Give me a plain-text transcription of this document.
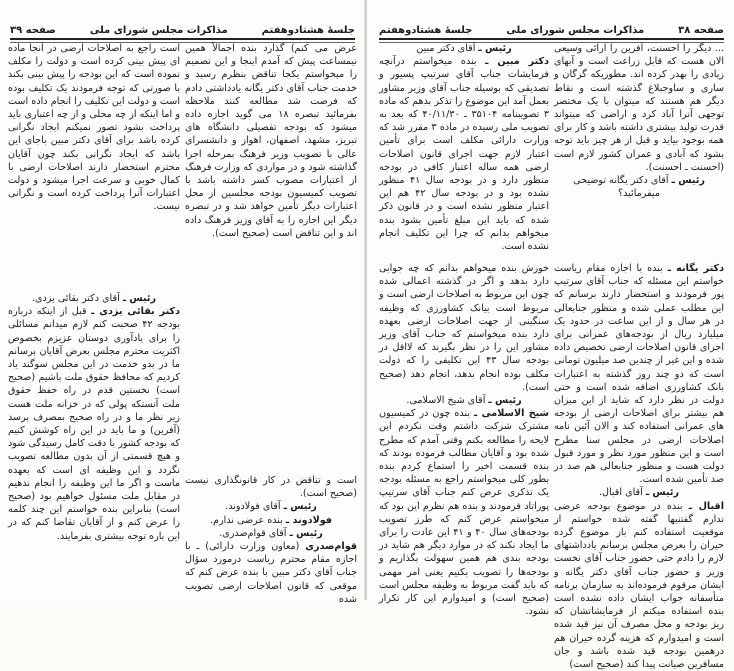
جلسهٔ هشتادوهفتم
مذاکرات مجلس شورای ملی
صفحه ۳۹

عرض می کنم) گذارد بنده اجمالاً همین نیمساعت پیش که آمدم اینجا و این تصمیم را میخواستم یکجا تناقض بنظرم رسید و خدمت جناب آقای دکتر یگانه یادداشتی دادم که فرصت شد مطالعه کنند ملاحظه بفرمائید تبصره ۱۸ می گوید اجازه داده میشود که بودجه تفصیلی دانشگاه های تبریز، مشهد، اصفهان، اهواز و دانشسرای عالی با تصویب وزیر فرهنگ بمرحله اجرا گذاشته شود و در مواردی که وزارت فرهنگ از اعتبارات مصوب کسر داشته باشد با تصویب کمیسیون بودجه مجلسین از محل اعتبارات دیگر تأمین خواهد شد و در تبصره دیگر این اجازه را به آقای وزیر فرهنگ داده اند و این تناقض است (صحیح است).

است و تناقض در کار قانونگذاری نیست (صحیح است).

رئیس ـ آقای فولادوند.

فولادوند ـ بنده عرضی ندارم.

رئیس ـ آقای قوام‌صدری.

قوام‌صدری (معاون وزارت دارائی) ـ با اجازه مقام محترم ریاست درمورد سؤال جناب آقای دکتر مبین با بنده عرض کنم که موقعی که قانون اصلاحات ارضی تصویب شده

است راجع به اصلاحات ارضی در آنجا ماده ای پیش بینی کرده است و دولت را مکلف نموده است که این بودجه را پیش بینی بکند با صورتی که توجه فرمودند یک تکلیف بوده است و دولت این تکلیف را انجام داده است و اما اینکه از چه محلی و از چه اعتباری باید پرداخت بشود تصور نمیکنم ایجاد نگرانی کرده باشد برای آقای دکتر مبین باجای این باشد که ایجاد نگرانی بکند چون آقایان محترم استحضار دارند اصلاحات ارضی با کمال خوبی و سرعت اجرا میشود و دولت اعتبارات آنرا پرداخت کرده است و نگرانی نیست.

رئیس ـ آقای دکتر بقائی یزدی.

دکتر بقائی یزدی ـ قبل از اینکه درباره بودجه ۴۲ صحبت کنم لازم میدانم مسائلی را برای یادآوری دوستان عزیزم بخصوص اکثریت محترم مجلس بعرض آقایان برسانم ما در بدو خدمت در این مجلس سوگند یاد کردیم که محافظ حقوق ملت باشیم (صحیح است) نخستین قدم در راه حفظ حقوق ملت آنستکه پولی که در خزانه ملت هست زیر نظر ما و در راه صحیح بمصرف برسد (آفرین) و ما باید در این راه کوشش کنیم که بودجه کشور با دقت کامل رسیدگی شود و هیچ قسمتی از آن بدون مطالعه تصویب نگردد و این وظیفه ای است که بعهده ماست و اگر ما این وظیفه را انجام ندهیم در مقابل ملت مسئول خواهیم بود (صحیح است) بنابراین بنده خواستم این چند کلمه را عرض کنم و از آقایان تقاضا کنم که در این باره توجه بیشتری بفرمایند.

صفحه ۳۸
مذاکرات مجلس شورای ملی
جلسهٔ هشتادوهفتم

... دیگر را احسنت، آفرین را ارائی وسیعی الان هست که قابل زراعت است و آبهای زیادی را بهدر کرده اند. مطوریکه گرگان و ساری و ساوجبلاغ گذشته است و نقاط دیگر هم هستند که میتوان با یک مختصر توجهی آنرا آباد کرد و اراضی که میتواند قدرت تولید بیشتری داشته باشد و کار برای همه بوجود بیاید و قبل از هر چیز باید توجه بشود که آبادی و عمران کشور لازم است (احسنت ـ احسنت).

رئیس ـ آقای دکتر یگانه توضیحی میفرمائید؟

دکتر یگانه ـ بنده با اجازه مقام ریاست خواستم این مسئله که جناب آقای سرتیپ پور فرمودند و استحضار دارند برسانم که این مطلب عملی شده و منظور جنابعالی در هر سال و از این ساعت در حدود یک میلیارد ریال از بودجه‌های عمرانی برای اجرای قانون اصلاحات ارضی تخصیص داده شده و این غیر از چندین صد میلیون تومانی است که دو چند روز گذشته به اعتبارات بانک کشاورزی اضافه شده است و حتی دولت در نظر دارد که شاید از این میزان هم بیشتر برای اصلاحات ارضی از بودجه های عمرانی استفاده کند و الان آئین نامه اصلاحات ارضی در مجلس سنا مطرح است و این منظور مورد نظر و مورد قبول دولت هست و منظور جنابعالی هم صد در صد تأمین شده است.

رئیس ـ آقای اقبال.

اقبال ـ بنده در موضوع بودجه عرضی ندارم گفتنیها گفته شده خواستم از موقعیت استفاده کنم باز موضوع گرده حیران را بعرض مجلس برسانم یادداشتهای لازم را دادم حتی حضور جناب آقای نخست وزیر و حضور جناب آقای دکتر یگانه و ایشان مرقوم فرموده‌اند به سازمان برنامه متأسفانه جواب ایشان داده نشده است بنده استفاده میکنم از فرمایشاتشان که ریز بودجه و محل مصرف آن نیز قید شده است و امیدوارم که هزینه گرده حیران هم درهمین بودجه قید شده باشد و جان مسافرین صیانت پیدا کند (صحیح است)

رئیس ـ آقای دکتر مبین

دکتر مبین ـ بنده میخواستم درآنچه فرمایشات جناب آقای سرتیپ پسیور و تصدیقی که بوسیله جناب آقای وزیر مشاور بعمل آمد این موضوع را تذکر بدهم که ماده ۳ تصویبنامه ۳۵۱۰۴ ـ ۴۰/۱۱/۳۰ که بعد به تصویب ملی رسیده در ماده ۳ مقرر شد که وزارت دارائی مکلف است برای تأمین اعتبار لازم جهت اجرای قانون اصلاحات ارضی همه ساله اعتبار کافی در بودجه منظور دارد و در بودجه سال ۴۱ منظور نشده بود و در بودجه سال ۴۲ هم این اعتبار منظور نشده است و در قانون ذکر شده که باید این مبلغ تأمین بشود بنده میخواهم بدانم که چرا این تکلیف انجام نشده است.

خورش بنده میخواهم بدانم که چه جوابی دارد بدهد و اگر در گذشته اعمالی شده چون این مربوط به اصلاحات ارضی است و مربوط است بیانک کشاورزی که وظیفه سنگینی از جهت اصلاحات ارضی بعهده دارد بنده میخواستم که جناب آقای وزیر مشاور این را در نظر بگیرند که لااقل در بودجه سال ۴۳ این تکلیفی را که دولت مکلف بوده انجام بدهد، انجام دهد (صحیح است).

رئیس ـ آقای شیخ الاسلامی.

شیخ الاسلامی ـ بنده چون در کمیسیون مشترک شرکت داشتم وقت نکردم این لایحه را مطالعه بکنم وقتی آمدم که مطرح شده بود و آقایان مطالب فرموده بودند که بنده قسمت اخیر را استماع کردم بنده بطور کلی میخواستم راجع به مسئله بودجه یک تذکری عرض کنم جناب آقای سرتیپ پوراتاد فرمودند و بنده هم نظرم این بود که میخواستم عرض کنم که طرز تصویب بودجه‌های سال ۴۰ و ۴۱ این عادت را برای ما ایجاد نکند که در موارد دیگر هم شاید در بودجه بندی هم همین سهولت بگذاریم و بودجه‌ها را تصویب بکنیم یعنی امر مهمی که باید گفت مربوط به وظیفه مجلس است (صحیح است) و امیدوارم این کار تکرار نشود.
